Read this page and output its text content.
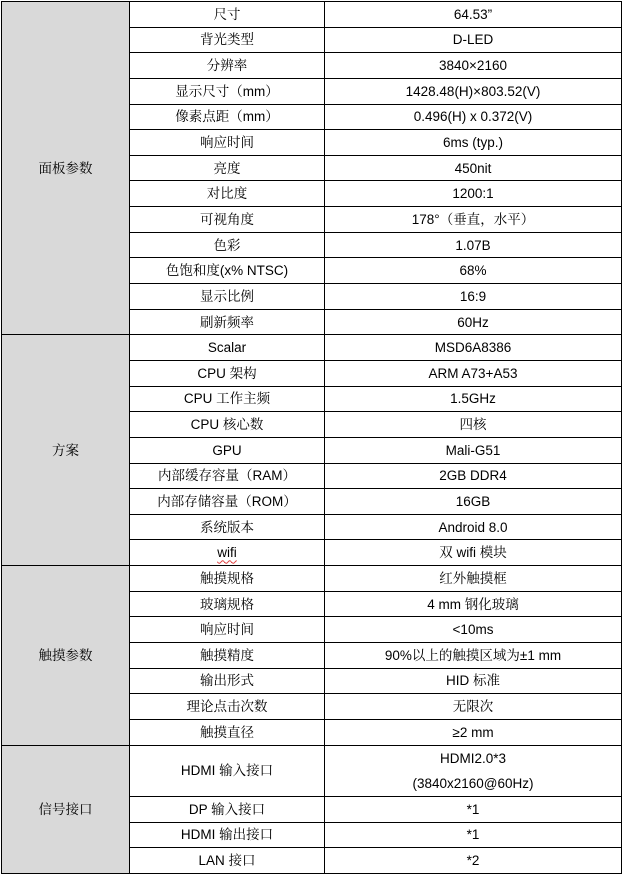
面板参数	尺寸	64.53”

	背光类型	D-LED

	分辨率	3840×2160

	显示尺寸（mm）	1428.48(H)×803.52(V)

	像素点距（mm）	0.496(H) x 0.372(V)

	响应时间	6ms (typ.)

	亮度	450nit

	对比度	1200:1

	可视角度	178°（垂直，水平）

	色彩	1.07B

	色饱和度(x% NTSC)	68%

	显示比例	16:9

	刷新频率	60Hz

方案	Scalar	MSD6A8386

	CPU 架构	ARM A73+A53

	CPU 工作主频	1.5GHz

	CPU 核心数	四核

	GPU	Mali-G51

	内部缓存容量（RAM）	2GB DDR4

	内部存储容量（ROM）	16GB

	系统版本	Android 8.0

	wifi	双 wifi 模块

触摸参数	触摸规格	红外触摸框

	玻璃规格	4 mm 钢化玻璃

	响应时间	<10ms

	触摸精度	90%以上的触摸区域为±1 mm

	输出形式	HID 标准

	理论点击次数	无限次

	触摸直径	≥2 mm

信号接口	HDMI 输入接口	HDMI2.0*3
(3840x2160@60Hz)

	DP 输入接口	*1

	HDMI 输出接口	*1

	LAN 接口	*2
